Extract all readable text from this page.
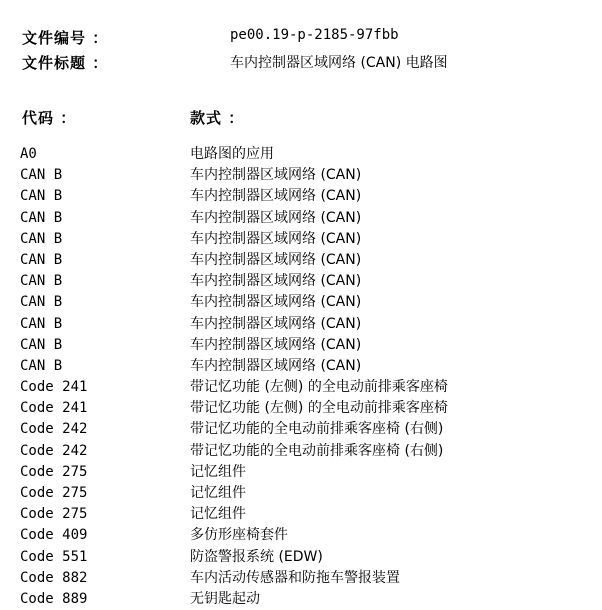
文件编号 ：	pe00.19-p-2185-97fbb
文件标题 ：	车内控制器区域网络 (CAN) 电路图
代码 ：	款式 ：
A0	电路图的应用
CAN B	车内控制器区域网络 (CAN)
CAN B	车内控制器区域网络 (CAN)
CAN B	车内控制器区域网络 (CAN)
CAN B	车内控制器区域网络 (CAN)
CAN B	车内控制器区域网络 (CAN)
CAN B	车内控制器区域网络 (CAN)
CAN B	车内控制器区域网络 (CAN)
CAN B	车内控制器区域网络 (CAN)
CAN B	车内控制器区域网络 (CAN)
CAN B	车内控制器区域网络 (CAN)
Code 241	带记忆功能 (左侧) 的全电动前排乘客座椅
Code 241	带记忆功能 (左侧) 的全电动前排乘客座椅
Code 242	带记忆功能的全电动前排乘客座椅 (右侧)
Code 242	带记忆功能的全电动前排乘客座椅 (右侧)
Code 275	记忆组件
Code 275	记忆组件
Code 275	记忆组件
Code 409	多仿形座椅套件
Code 551	防盗警报系统 (EDW)
Code 882	车内活动传感器和防拖车警报装置
Code 889	无钥匙起动
